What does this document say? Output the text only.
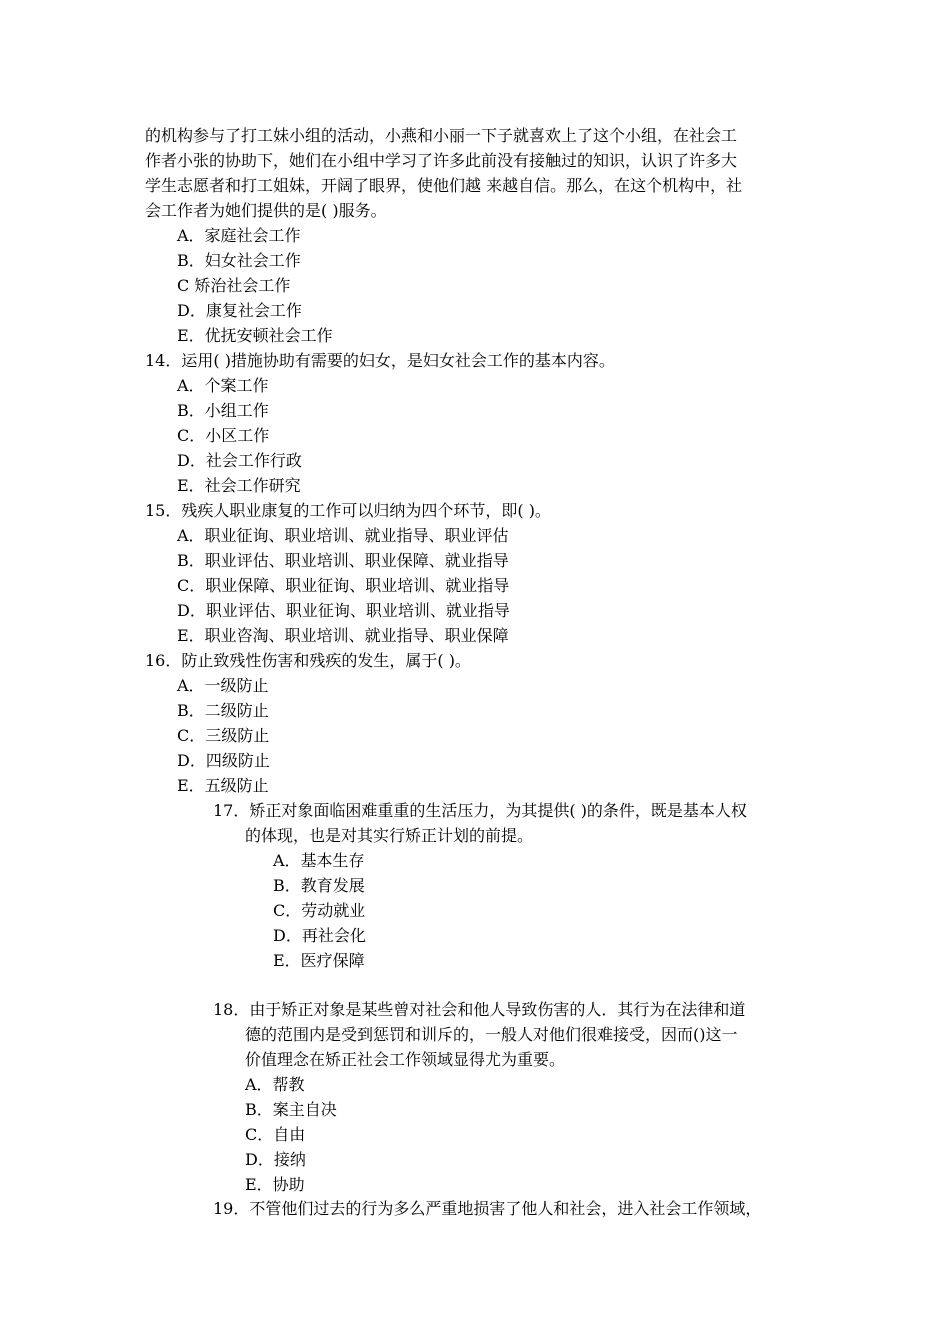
的机构参与了打工妹小组的活动，小燕和小丽一下子就喜欢上了这个小组，在社会工
作者小张的协助下，她们在小组中学习了许多此前没有接触过的知识，认识了许多大
学生志愿者和打工姐妹，开阔了眼界，使他们越 来越自信。那么，在这个机构中，社
会工作者为她们提供的是( )服务。
A．家庭社会工作
B．妇女社会工作
C 矫治社会工作
D．康复社会工作
E．优抚安顿社会工作
14．运用( )措施协助有需要的妇女，是妇女社会工作的基本内容。
A．个案工作
B．小组工作
C．小区工作
D．社会工作行政
E．社会工作研究
15．残疾人职业康复的工作可以归纳为四个环节，即( )。
A．职业征询、职业培训、就业指导、职业评估
B．职业评估、职业培训、职业保障、就业指导
C．职业保障、职业征询、职业培训、就业指导
D．职业评估、职业征询、职业培训、就业指导
E．职业咨淘、职业培训、就业指导、职业保障
16．防止致残性伤害和残疾的发生，属于( )。
A．一级防止
B．二级防止
C．三级防止
D．四级防止
E．五级防止
17．矫正对象面临困难重重的生活压力，为其提供( )的条件，既是基本人权
的体现，也是对其实行矫正计划的前提。
A．基本生存
B．教育发展
C．劳动就业
D．再社会化
E．医疗保障
18．由于矫正对象是某些曾对社会和他人导致伤害的人．其行为在法律和道
德的范围内是受到惩罚和训斥的，一般人对他们很难接受，因而()这一
价值理念在矫正社会工作领域显得尤为重要。
A．帮教
B．案主自决
C．自由
D．接纳
E．协助
19．不管他们过去的行为多么严重地损害了他人和社会，进入社会工作领域，
